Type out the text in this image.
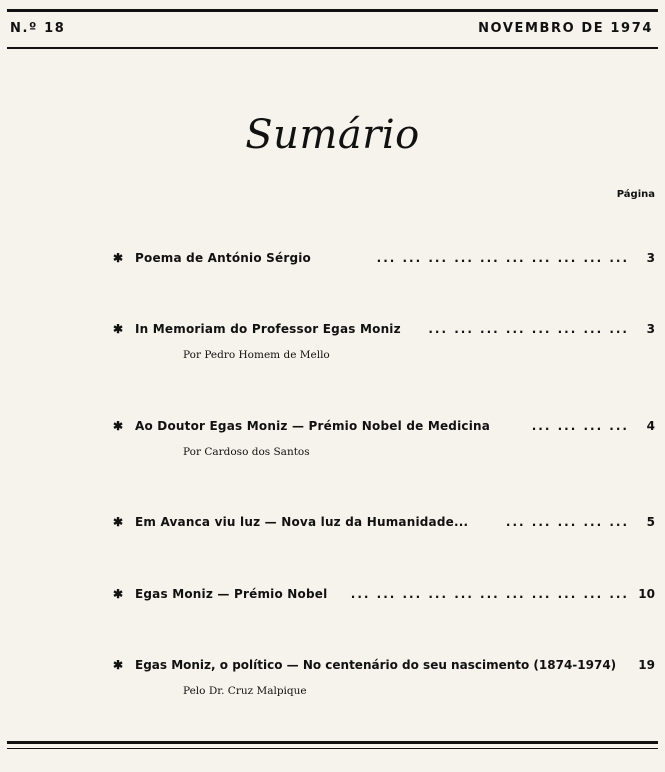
N.º 18	NOVEMBRO DE 1974
Sumário
Página
✱ Poema de António Sérgio	... ... ... ... ... ... ... ... ... ... 3
✱ In Memoriam do Professor Egas Moniz ... ... ... ... ... ... ... ... 3
Por Pedro Homem de Mello
✱ Ao Doutor Egas Moniz — Prémio Nobel de Medicina	... ... ... ... 4
Por Cardoso dos Santos
✱ Em Avanca viu luz — Nova luz da Humanidade...	... ... ... ... ... 5
✱ Egas Moniz — Prémio Nobel ... ... ... ... ... ... ... ... ... ... ... 10
✱ Egas Moniz, o político — No centenário do seu nascimento (1874-1974) 19
Pelo Dr. Cruz Malpique
